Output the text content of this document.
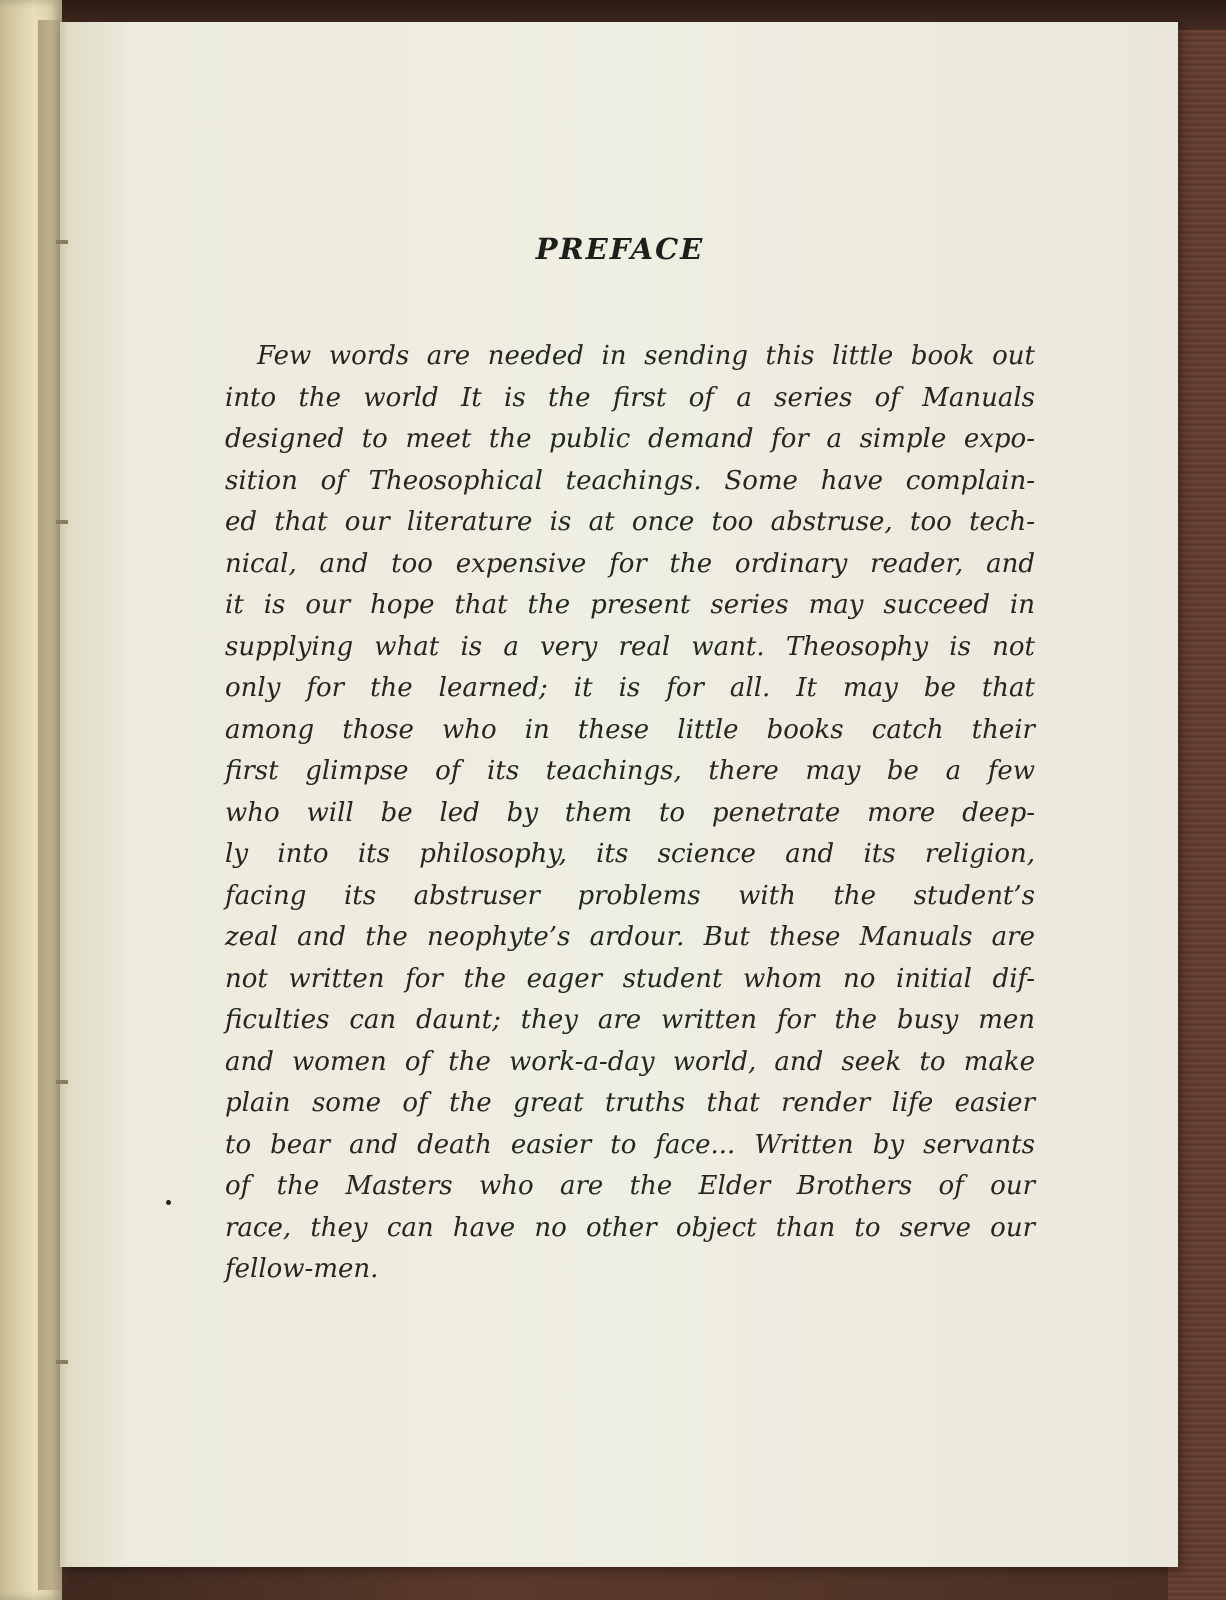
PREFACE
Few words are needed in sending this little book out
into the world It is the first of a series of Manuals
designed to meet the public demand for a simple expo-
sition of Theosophical teachings. Some have complain-
ed that our literature is at once too abstruse, too tech-
nical, and too expensive for the ordinary reader, and
it is our hope that the present series may succeed in
supplying what is a very real want. Theosophy is not
only for the learned; it is for all. It may be that
among those who in these little books catch their
first glimpse of its teachings, there may be a few
who will be led by them to penetrate more deep-
ly into its philosophy, its science and its religion,
facing its abstruser problems with the student’s
zeal and the neophyte’s ardour. But these Manuals are
not written for the eager student whom no initial dif-
ficulties can daunt; they are written for the busy men
and women of the work-a-day world, and seek to make
plain some of the great truths that render life easier
to bear and death easier to face... Written by servants
of the Masters who are the Elder Brothers of our
race, they can have no other object than to serve our
fellow-men.
